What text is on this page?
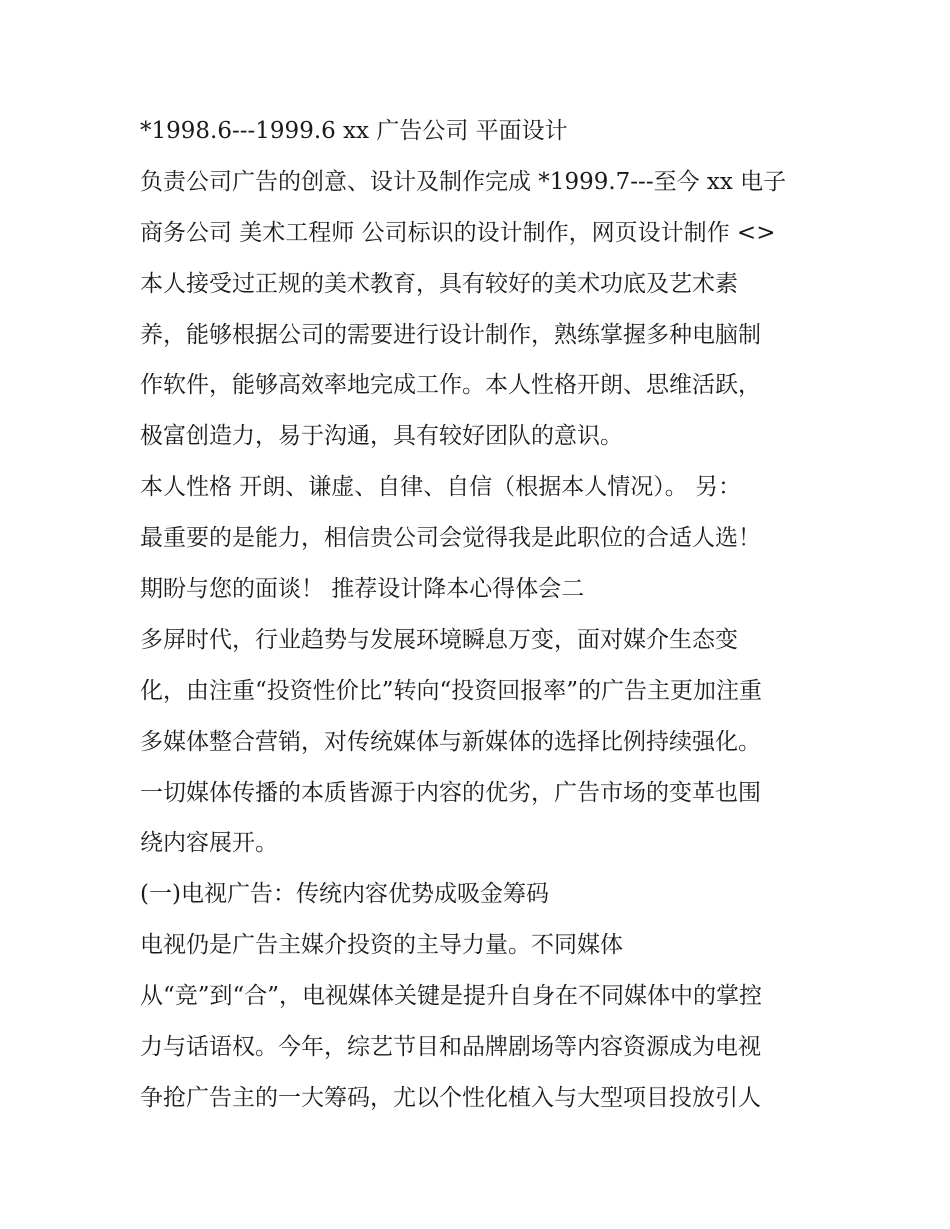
*1998.6---1999.6 xx 广告公司 平面设计
负责公司广告的创意、设计及制作完成 *1999.7---至今 xx 电子
商务公司 美术工程师 公司标识的设计制作，网页设计制作 <>
本人接受过正规的美术教育，具有较好的美术功底及艺术素
养，能够根据公司的需要进行设计制作，熟练掌握多种电脑制
作软件，能够高效率地完成工作。本人性格开朗、思维活跃，
极富创造力，易于沟通，具有较好团队的意识。
本人性格 开朗、谦虚、自律、自信（根据本人情况）。 另：
最重要的是能力，相信贵公司会觉得我是此职位的合适人选！
期盼与您的面谈！ 推荐设计降本心得体会二
多屏时代，行业趋势与发展环境瞬息万变，面对媒介生态变
化，由注重“投资性价比”转向“投资回报率”的广告主更加注重
多媒体整合营销，对传统媒体与新媒体的选择比例持续强化。
一切媒体传播的本质皆源于内容的优劣，广告市场的变革也围
绕内容展开。
(一)电视广告：传统内容优势成吸金筹码
电视仍是广告主媒介投资的主导力量。不同媒体
从“竞”到“合”，电视媒体关键是提升自身在不同媒体中的掌控
力与话语权。今年，综艺节目和品牌剧场等内容资源成为电视
争抢广告主的一大筹码，尤以个性化植入与大型项目投放引人
